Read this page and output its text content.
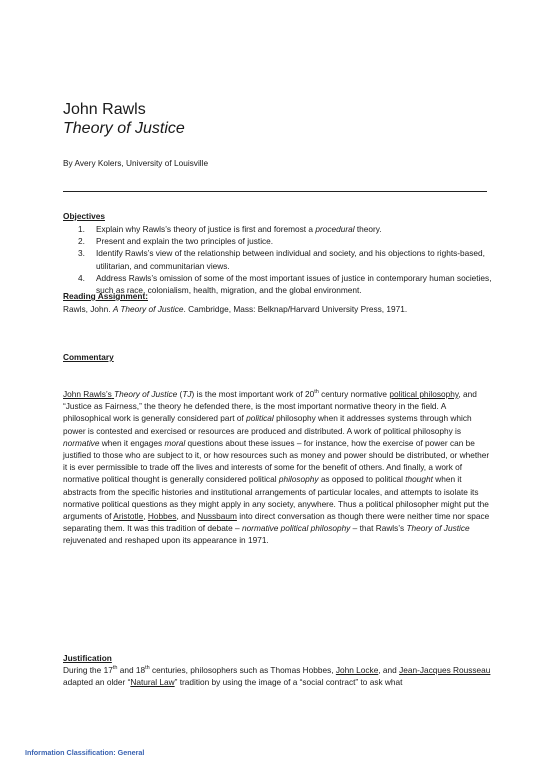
John Rawls
Theory of Justice
By Avery Kolers, University of Louisville
Objectives
1. Explain why Rawls’s theory of justice is first and foremost a procedural theory.
2. Present and explain the two principles of justice.
3. Identify Rawls’s view of the relationship between individual and society, and his objections to rights-based, utilitarian, and communitarian views.
4. Address Rawls’s omission of some of the most important issues of justice in contemporary human societies, such as race, colonialism, health, migration, and the global environment.
Reading Assignment:
Rawls, John. A Theory of Justice. Cambridge, Mass: Belknap/Harvard University Press, 1971.
Commentary

John Rawls’s Theory of Justice (TJ) is the most important work of 20th century normative political philosophy, and “Justice as Fairness,” the theory he defended there, is the most important normative theory in the field. A philosophical work is generally considered part of political philosophy when it addresses systems through which power is contested and exercised or resources are produced and distributed. A work of political philosophy is normative when it engages moral questions about these issues – for instance, how the exercise of power can be justified to those who are subject to it, or how resources such as money and power should be distributed, or whether it is ever permissible to trade off the lives and interests of some for the benefit of others. And finally, a work of normative political thought is generally considered political philosophy as opposed to political thought when it abstracts from the specific histories and institutional arrangements of particular locales, and attempts to isolate its normative political questions as they might apply in any society, anywhere. Thus a political philosopher might put the arguments of Aristotle, Hobbes, and Nussbaum into direct conversation as though there were neither time nor space separating them. It was this tradition of debate – normative political philosophy – that Rawls’s Theory of Justice rejuvenated and reshaped upon its appearance in 1971.

Justification

During the 17th and 18th centuries, philosophers such as Thomas Hobbes, John Locke, and Jean-Jacques Rousseau adapted an older “Natural Law” tradition by using the image of a “social contract” to ask what

Information Classification: General
